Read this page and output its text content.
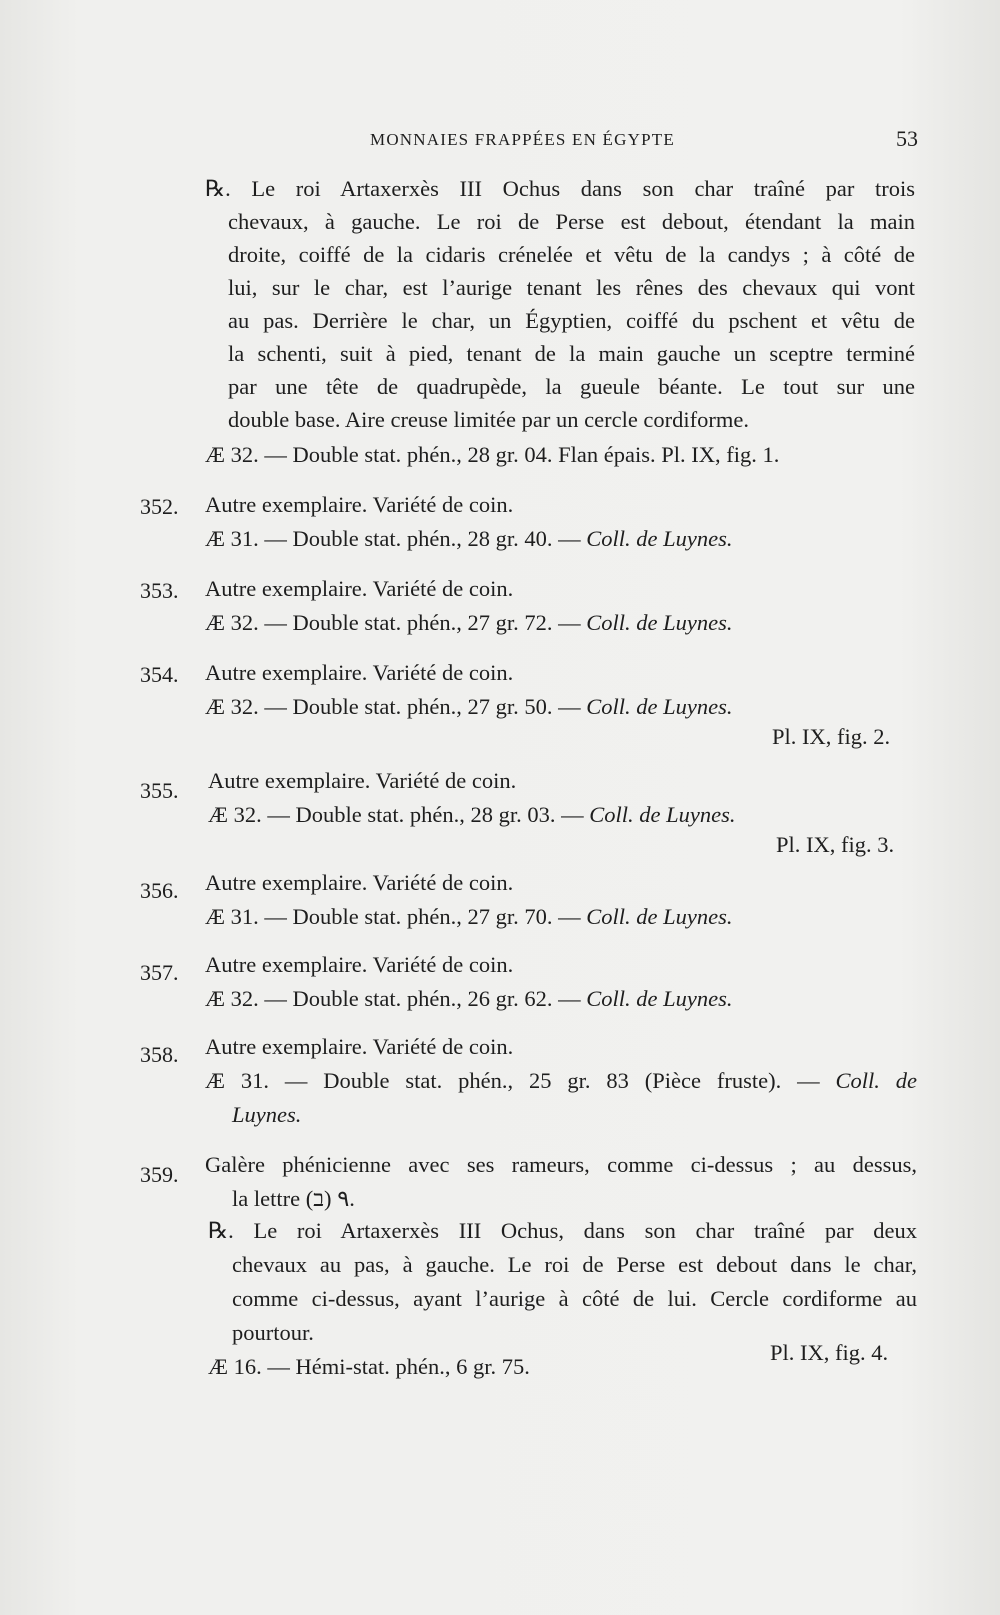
MONNAIES FRAPPÉES EN ÉGYPTE	53
℞. Le roi Artaxerxès III Ochus dans son char traîné par trois
chevaux, à gauche. Le roi de Perse est debout, étendant la main
droite, coiffé de la cidaris crénelée et vêtu de la candys ; à côté de
lui, sur le char, est l’aurige tenant les rênes des chevaux qui vont
au pas. Derrière le char, un Égyptien, coiffé du pschent et vêtu de
la schenti, suit à pied, tenant de la main gauche un sceptre terminé
par une tête de quadrupède, la gueule béante. Le tout sur une
double base. Aire creuse limitée par un cercle cordiforme.
Æ 32. — Double stat. phén., 28 gr. 04. Flan épais. Pl. IX, fig. 1.
352. Autre exemplaire. Variété de coin.
Æ 31. — Double stat. phén., 28 gr. 40. — Coll. de Luynes.
353. Autre exemplaire. Variété de coin.
Æ 32. — Double stat. phén., 27 gr. 72. — Coll. de Luynes.
354. Autre exemplaire. Variété de coin.
Æ 32. — Double stat. phén., 27 gr. 50. — Coll. de Luynes.
Pl. IX, fig. 2.
355. Autre exemplaire. Variété de coin.
Æ 32. — Double stat. phén., 28 gr. 03. — Coll. de Luynes.
Pl. IX, fig. 3.
356. Autre exemplaire. Variété de coin.
Æ 31. — Double stat. phén., 27 gr. 70. — Coll. de Luynes.
357. Autre exemplaire. Variété de coin.
Æ 32. — Double stat. phén., 26 gr. 62. — Coll. de Luynes.
358. Autre exemplaire. Variété de coin.
Æ 31. — Double stat. phén., 25 gr. 83 (Pièce fruste). — Coll. de
Luynes.
359. Galère phénicienne avec ses rameurs, comme ci-dessus ; au dessus,
la lettre ٩ (ב).
℞. Le roi Artaxerxès III Ochus, dans son char traîné par deux
chevaux au pas, à gauche. Le roi de Perse est debout dans le char,
comme ci-dessus, ayant l’aurige à côté de lui. Cercle cordiforme au
pourtour.
Æ 16. — Hémi-stat. phén., 6 gr. 75.
Pl. IX, fig. 4.
